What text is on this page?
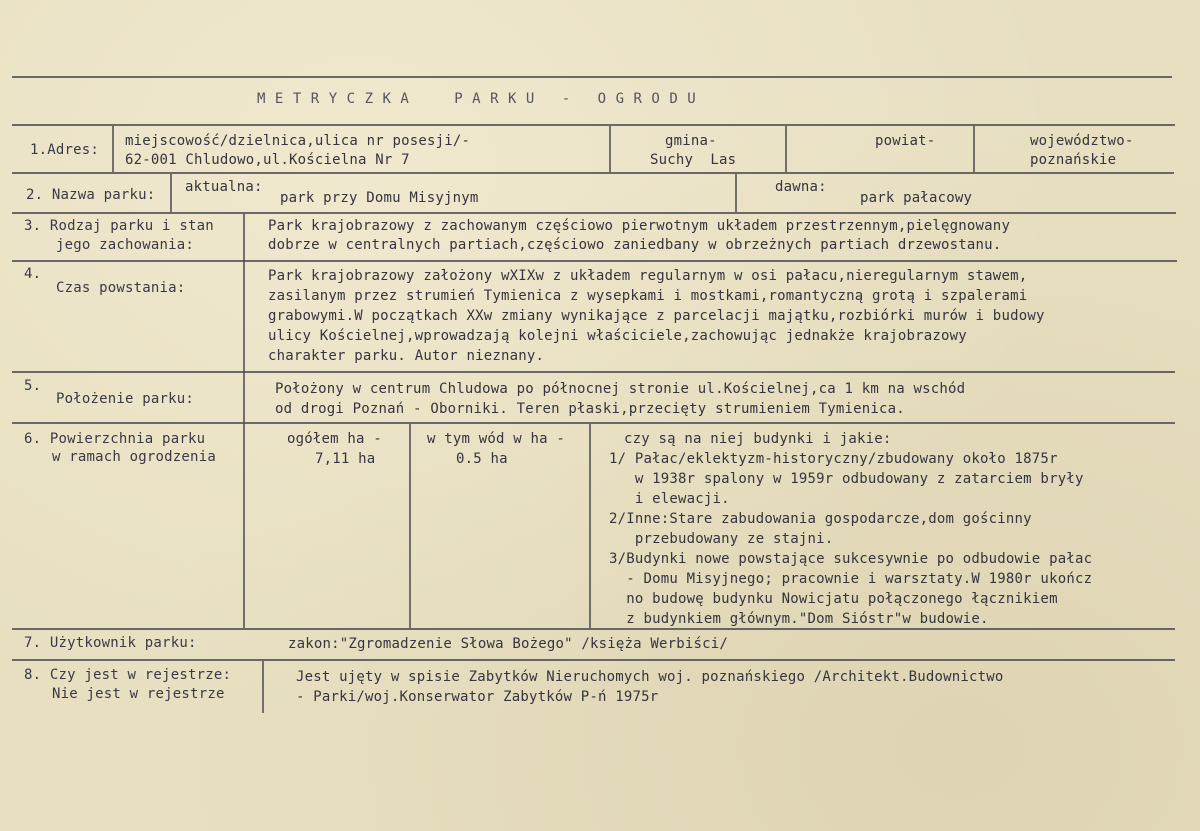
METRYCZKA  PARKU - OGRODU
1.Adres:
miejscowość/dzielnica,ulica nr posesji/-
62-001 Chludowo,ul.Kościelna Nr 7
gmina-
Suchy  Las
powiat-	województwo-
poznańskie
2. Nazwa parku: aktualna:
park przy Domu Misyjnym
dawna:
park pałacowy
3. Rodzaj parku i stan
jego zachowania:
Park krajobrazowy z zachowanym częściowo pierwotnym układem przestrzennym,pielęgnowany
dobrze w centralnych partiach,częściowo zaniedbany w obrzeżnych partiach drzewostanu.
4.
Czas powstania:
Park krajobrazowy założony wXIXw z układem regularnym w osi pałacu,nieregularnym stawem,
zasilanym przez strumień Tymienica z wysepkami i mostkami,romantyczną grotą i szpalerami
grabowymi.W początkach XXw zmiany wynikające z parcelacji majątku,rozbiórki murów i budowy
ulicy Kościelnej,wprowadzają kolejni właściciele,zachowując jednakże krajobrazowy
charakter parku. Autor nieznany.
5.
Położenie parku:
Położony w centrum Chludowa po północnej stronie ul.Kościelnej,ca 1 km na wschód
od drogi Poznań - Oborniki. Teren płaski,przecięty strumieniem Tymienica.
6. Powierzchnia parku
w ramach ogrodzenia
ogółem ha -
7,11 ha
w tym wód w ha -
0.5 ha
czy są na niej budynki i jakie:
1/ Pałac/eklektyzm-historyczny/zbudowany około 1875r
w 1938r spalony w 1959r odbudowany z zatarciem bryły
i elewacji.
2/Inne:Stare zabudowania gospodarcze,dom gościnny
przebudowany ze stajni.
3/Budynki nowe powstające sukcesywnie po odbudowie pałac
- Domu Misyjnego; pracownie i warsztaty.W 1980r ukończ
no budowę budynku Nowicjatu połączonego łącznikiem
z budynkiem głównym."Dom Sióstr"w budowie.
7. Użytkownik parku:	zakon:"Zgromadzenie Słowa Bożego" /księża Werbiści/
8. Czy jest w rejestrze:
Nie jest w rejestrze
Jest ujęty w spisie Zabytków Nieruchomych woj. poznańskiego /Architekt.Budownictwo
- Parki/woj.Konserwator Zabytków P-ń 1975r
